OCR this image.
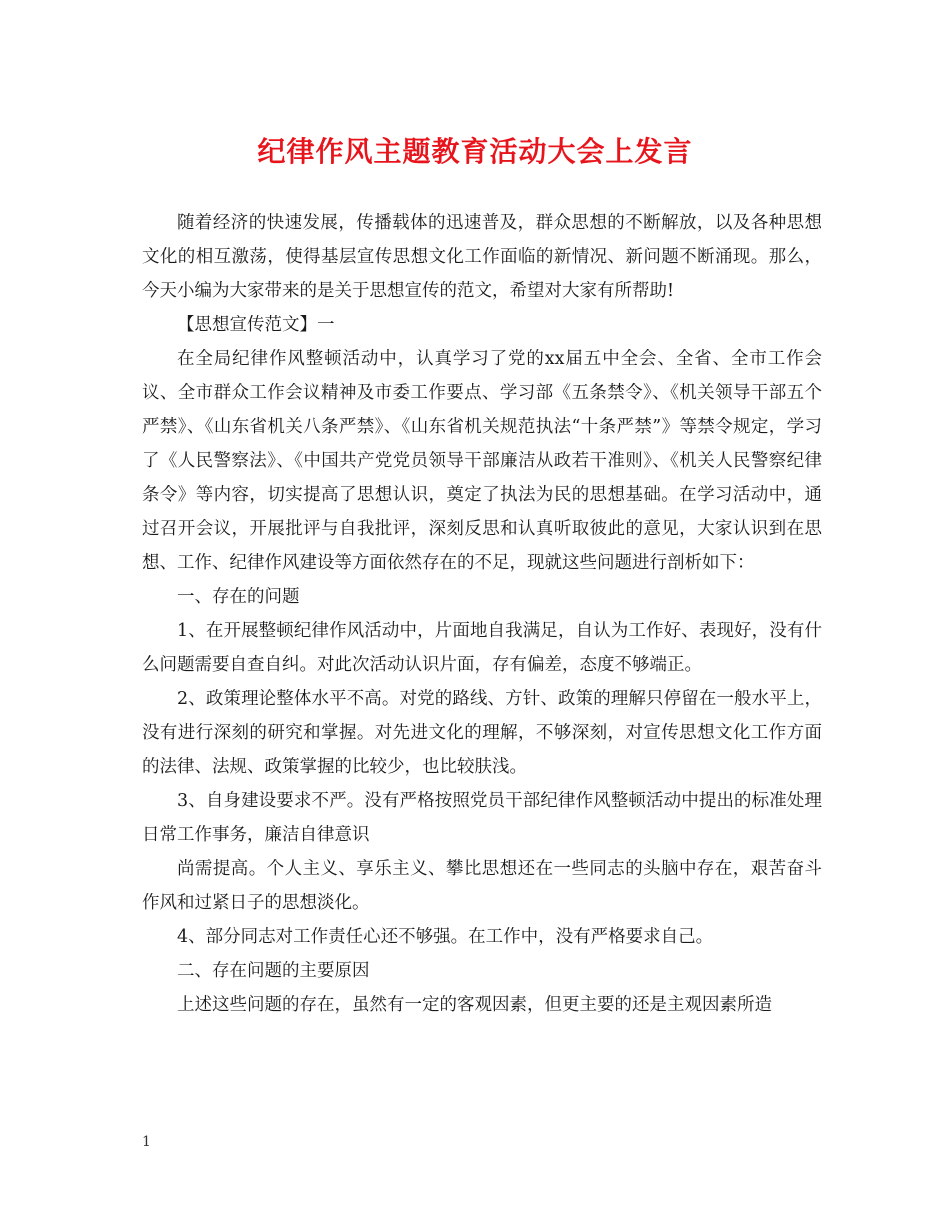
纪律作风主题教育活动大会上发言

随着经济的快速发展，传播载体的迅速普及，群众思想的不断解放，以及各种思想文化的相互激荡，使得基层宣传思想文化工作面临的新情况、新问题不断涌现。那么，今天小编为大家带来的是关于思想宣传的范文，希望对大家有所帮助!

【思想宣传范文】一

在全局纪律作风整顿活动中，认真学习了党的xx届五中全会、全省、全市工作会议、全市群众工作会议精神及市委工作要点、学习部《五条禁令》、《机关领导干部五个严禁》、《山东省机关八条严禁》、《山东省机关规范执法“十条严禁”》等禁令规定，学习了《人民警察法》、《中国共产党党员领导干部廉洁从政若干准则》、《机关人民警察纪律条令》等内容，切实提高了思想认识，奠定了执法为民的思想基础。在学习活动中，通过召开会议，开展批评与自我批评，深刻反思和认真听取彼此的意见，大家认识到在思想、工作、纪律作风建设等方面依然存在的不足，现就这些问题进行剖析如下：

一、存在的问题

1、在开展整顿纪律作风活动中，片面地自我满足，自认为工作好、表现好，没有什么问题需要自查自纠。对此次活动认识片面，存有偏差，态度不够端正。

2、政策理论整体水平不高。对党的路线、方针、政策的理解只停留在一般水平上，没有进行深刻的研究和掌握。对先进文化的理解，不够深刻，对宣传思想文化工作方面的法律、法规、政策掌握的比较少，也比较肤浅。

3、自身建设要求不严。没有严格按照党员干部纪律作风整顿活动中提出的标准处理日常工作事务，廉洁自律意识

尚需提高。个人主义、享乐主义、攀比思想还在一些同志的头脑中存在，艰苦奋斗作风和过紧日子的思想淡化。

4、部分同志对工作责任心还不够强。在工作中，没有严格要求自己。

二、存在问题的主要原因

上述这些问题的存在，虽然有一定的客观因素，但更主要的还是主观因素所造

1
